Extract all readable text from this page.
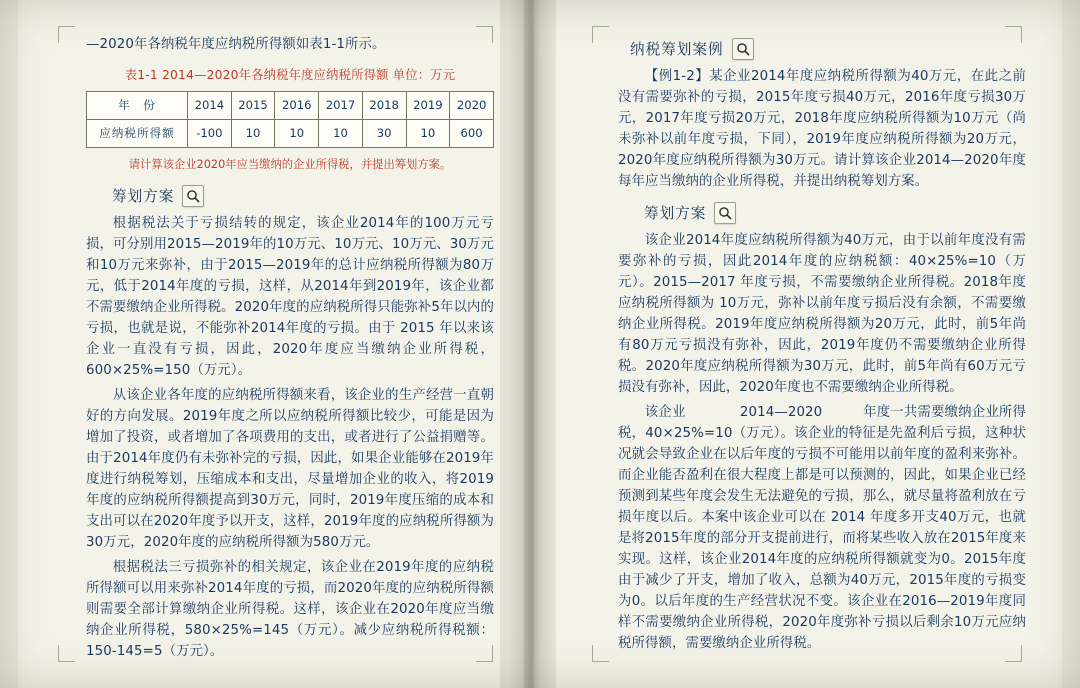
—2020年各纳税年度应纳税所得额如表1-1所示。

表1-1 2014—2020年各纳税年度应纳税所得额 单位：万元
年　份	2014	2015	2016	2017	2018	2019	2020
应纳税所得额	-100	10	10	10	30	10	600
请计算该企业2020年应当缴纳的企业所得税，并提出筹划方案。
筹划方案

根据税法关于亏损结转的规定，该企业2014年的100万元亏损，可分别用2015—2019年的10万元、10万元、10万元、30万元和10万元来弥补，由于2015—2019年的总计应纳税所得额为80万元，低于2014年度的亏损，这样，从2014年到2019年，该企业都不需要缴纳企业所得税。2020年度的应纳税所得只能弥补5年以内的亏损，也就是说，不能弥补2014年度的亏损。由于 2015 年以来该企业一直没有亏损，因此，2020年度应当缴纳企业所得税，600×25%=150（万元）。

从该企业各年度的应纳税所得额来看，该企业的生产经营一直朝好的方向发展。2019年度之所以应纳税所得额比较少，可能是因为增加了投资，或者增加了各项费用的支出，或者进行了公益捐赠等。由于2014年度仍有未弥补完的亏损，因此，如果企业能够在2019年度进行纳税筹划，压缩成本和支出，尽量增加企业的收入，将2019年度的应纳税所得额提高到30万元，同时，2019年度压缩的成本和支出可以在2020年度予以开支，这样，2019年度的应纳税所得额为30万元，2020年度的应纳税所得额为580万元。

根据税法三亏损弥补的相关规定，该企业在2019年度的应纳税所得额可以用来弥补2014年度的亏损，而2020年度的应纳税所得额则需要全部计算缴纳企业所得税。这样，该企业在2020年度应当缴纳企业所得税，580×25%=145（万元）。减少应纳税所得税额：150-145=5（万元）。

纳税筹划案例

【例1-2】某企业2014年度应纳税所得额为40万元，在此之前没有需要弥补的亏损，2015年度亏损40万元，2016年度亏损30万元，2017年度亏损20万元，2018年度应纳税所得额为10万元（尚未弥补以前年度亏损，下同），2019年度应纳税所得额为20万元，2020年度应纳税所得额为30万元。请计算该企业2014—2020年度每年应当缴纳的企业所得税，并提出纳税筹划方案。

筹划方案

该企业2014年度应纳税所得额为40万元，由于以前年度没有需要弥补的亏损，因此2014年度的应纳税额：40×25%=10（万元）。2015—2017 年度亏损，不需要缴纳企业所得税。2018年度应纳税所得额为 10万元，弥补以前年度亏损后没有余额，不需要缴纳企业所得税。2019年度应纳税所得额为20万元，此时，前5年尚有80万元亏损没有弥补，因此，2019年度仍不需要缴纳企业所得税。2020年度应纳税所得额为30万元，此时，前5年尚有60万元亏损没有弥补，因此，2020年度也不需要缴纳企业所得税。

该企业　　　　2014—2020　　　年度一共需要缴纳企业所得税，40×25%=10（万元）。该企业的特征是先盈利后亏损，这种状况就会导致企业在以后年度的亏损不可能用以前年度的盈利来弥补。而企业能否盈利在很大程度上都是可以预测的，因此，如果企业已经预测到某些年度会发生无法避免的亏损，那么，就尽量将盈利放在亏损年度以后。本案中该企业可以在 2014 年度多开支40万元，也就是将2015年度的部分开支提前进行，而将某些收入放在2015年度来实现。这样，该企业2014年度的应纳税所得额就变为0。2015年度由于减少了开支，增加了收入，总额为40万元，2015年度的亏损变为0。以后年度的生产经营状况不变。该企业在2016—2019年度同样不需要缴纳企业所得税，2020年度弥补亏损以后剩余10万元应纳税所得额，需要缴纳企业所得税。
